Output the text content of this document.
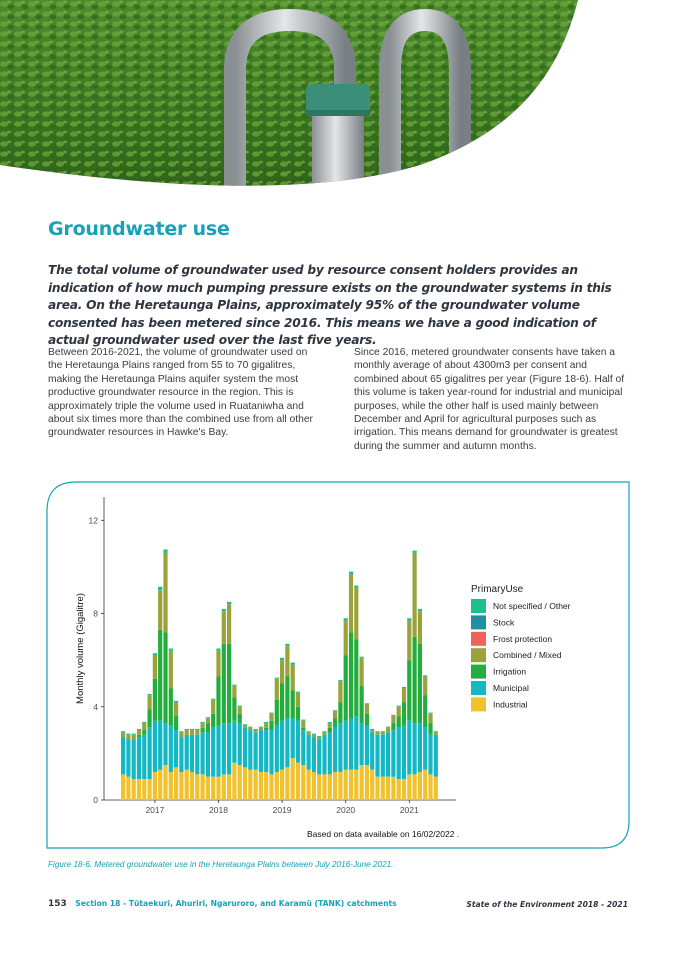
Groundwater use

The total volume of groundwater used by resource consent holders provides an indication of how much pumping pressure exists on the groundwater systems in this area. On the Heretaunga Plains, approximately 95% of the groundwater volume consented has been metered since 2016. This means we have a good indication of actual groundwater used over the last five years.

Between 2016-2021, the volume of groundwater used on the Heretaunga Plains ranged from 55 to 70 gigalitres, making the Heretaunga Plains aquifer system the most productive groundwater resource in the region. This is approximately triple the volume used in Ruataniwha and about six times more than the combined use from all other groundwater resources in Hawke's Bay.

Since 2016, metered groundwater consents have taken a monthly average of about 4300m3 per consent and combined about 65 gigalitres per year (Figure 18-6). Half of this volume is taken year-round for industrial and municipal purposes, while the other half is used mainly between December and April for agricultural purposes such as irrigation. This means demand for groundwater is greatest during the summer and autumn months.

0
4
8
12
2017	2018	2019	2020	2021
Monthly volume (Gigalitre)
PrimaryUse
Not specified / Other
Stock
Frost protection
Combined / Mixed
Irrigation
Municipal
Industrial
Based on data available on 16/02/2022 .

Figure 18-6. Metered groundwater use in the Heretaunga Plains between July 2016-June 2021.

153 Section 18 - Tūtaekurī, Ahuriri, Ngaruroro, and Karamū (TANK) catchments	State of the Environment 2018 - 2021
